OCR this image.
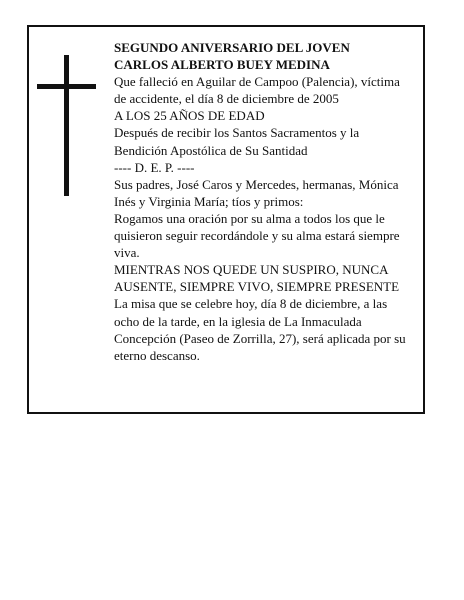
SEGUNDO ANIVERSARIO DEL JOVEN
CARLOS ALBERTO BUEY MEDINA
Que falleció en Aguilar de Campoo (Palencia), víctima
de accidente, el día 8 de diciembre de 2005
A LOS 25 AÑOS DE EDAD
Después de recibir los Santos Sacramentos y la
Bendición Apostólica de Su Santidad
---- D. E. P. ----
Sus padres, José Caros y Mercedes, hermanas, Mónica
Inés y Virginia María; tíos y primos:
Rogamos una oración por su alma a todos los que le
quisieron seguir recordándole y su alma estará siempre
viva.
MIENTRAS NOS QUEDE UN SUSPIRO, NUNCA
AUSENTE, SIEMPRE VIVO, SIEMPRE PRESENTE
La misa que se celebre hoy, día 8 de diciembre, a las
ocho de la tarde, en la iglesia de La Inmaculada
Concepción (Paseo de Zorrilla, 27), será aplicada por su
eterno descanso.
